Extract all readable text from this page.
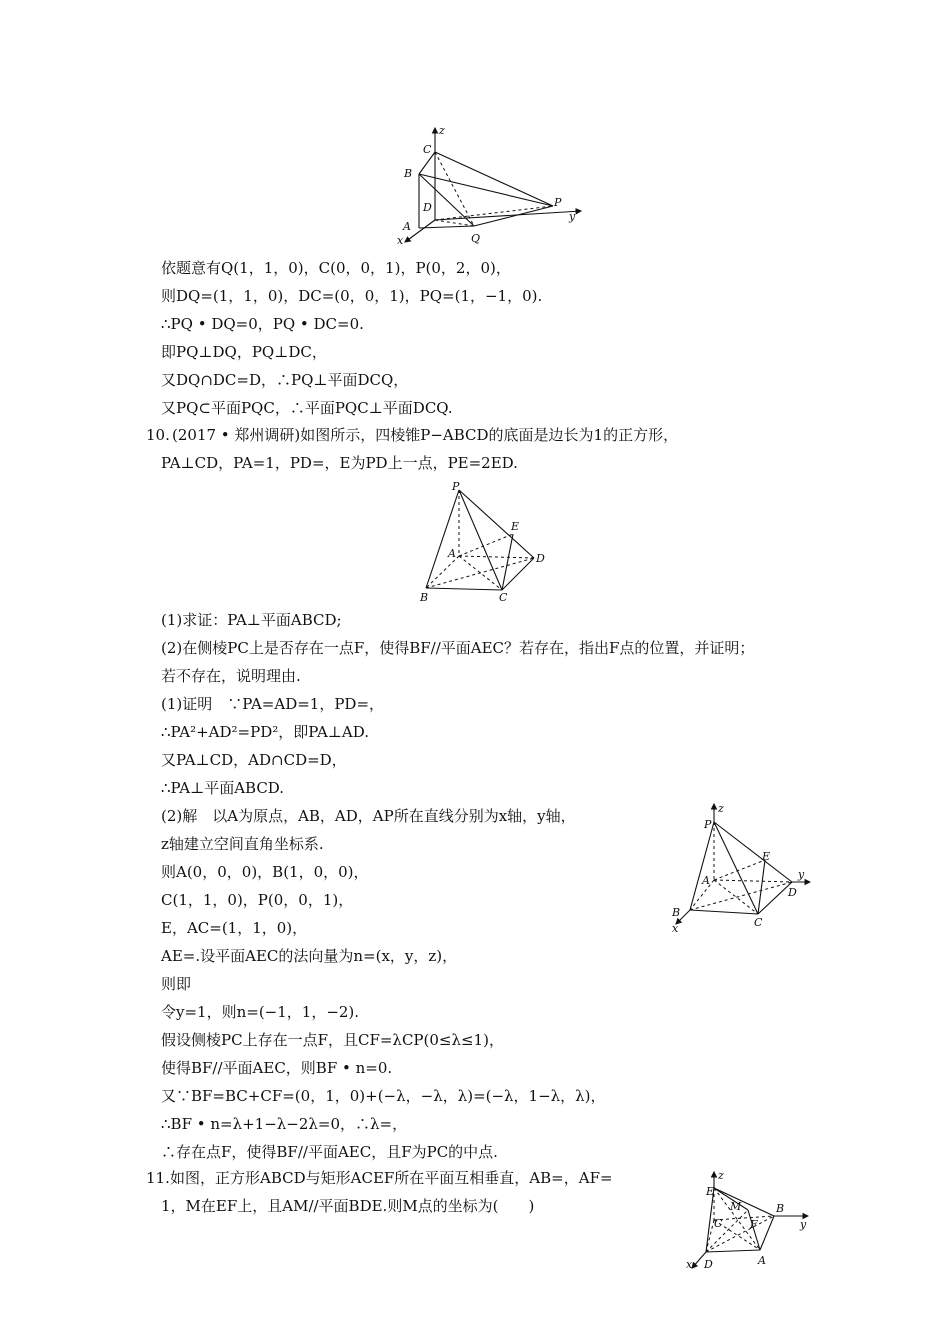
z
C
B
D	P
y
A
Q
x
依题意有Q(1，1，0)，C(0，0，1)，P(0，2，0)，
则DQ=(1，1，0)，DC=(0，0，1)，PQ=(1，−1，0).
∴PQ • DQ=0，PQ • DC=0.
即PQ⊥DQ，PQ⊥DC，
又DQ∩DC=D，∴PQ⊥平面DCQ，
又PQ⊂平面PQC，∴平面PQC⊥平面DCQ.
10. (2017 • 郑州调研)如图所示，四棱锥P−ABCD的底面是边长为1的正方形，
PA⊥CD，PA=1，PD=，E为PD上一点，PE=2ED.
P
E
A	D
B	C
(1)求证：PA⊥平面ABCD;
(2)在侧棱PC上是否存在一点F，使得BF//平面AEC？若存在，指出F点的位置，并证明；
若不存在，说明理由.
(1)证明　∵PA=AD=1，PD=，
∴PA²+AD²=PD²，即PA⊥AD.
又PA⊥CD，AD∩CD=D，
∴PA⊥平面ABCD.
(2)解　以A为原点，AB，AD，AP所在直线分别为x轴，y轴，
z轴建立空间直角坐标系.
则A(0，0，0)，B(1，0，0)，
C(1，1，0)，P(0，0，1)，
E，AC=(1，1，0)，
AE=.设平面AEC的法向量为n=(x，y，z)，
则即
令y=1，则n=(−1，1，−2).
假设侧棱PC上存在一点F，且CF=λCP(0≤λ≤1)，
使得BF//平面AEC，则BF • n=0.
又∵BF=BC+CF=(0，1，0)+(−λ，−λ，λ)=(−λ，1−λ，λ)，
∴BF • n=λ+1−λ−2λ=0，∴λ=，
∴存在点F，使得BF//平面AEC，且F为PC的中点.
z
P
E
A	y
D
B
C
x
11. 如图，正方形ABCD与矩形ACEF所在平面互相垂直，AB=，AF=
1，M在EF上，且AM//平面BDE.则M点的坐标为(　　)
z
E
M	B
C	F	y
x D	A
